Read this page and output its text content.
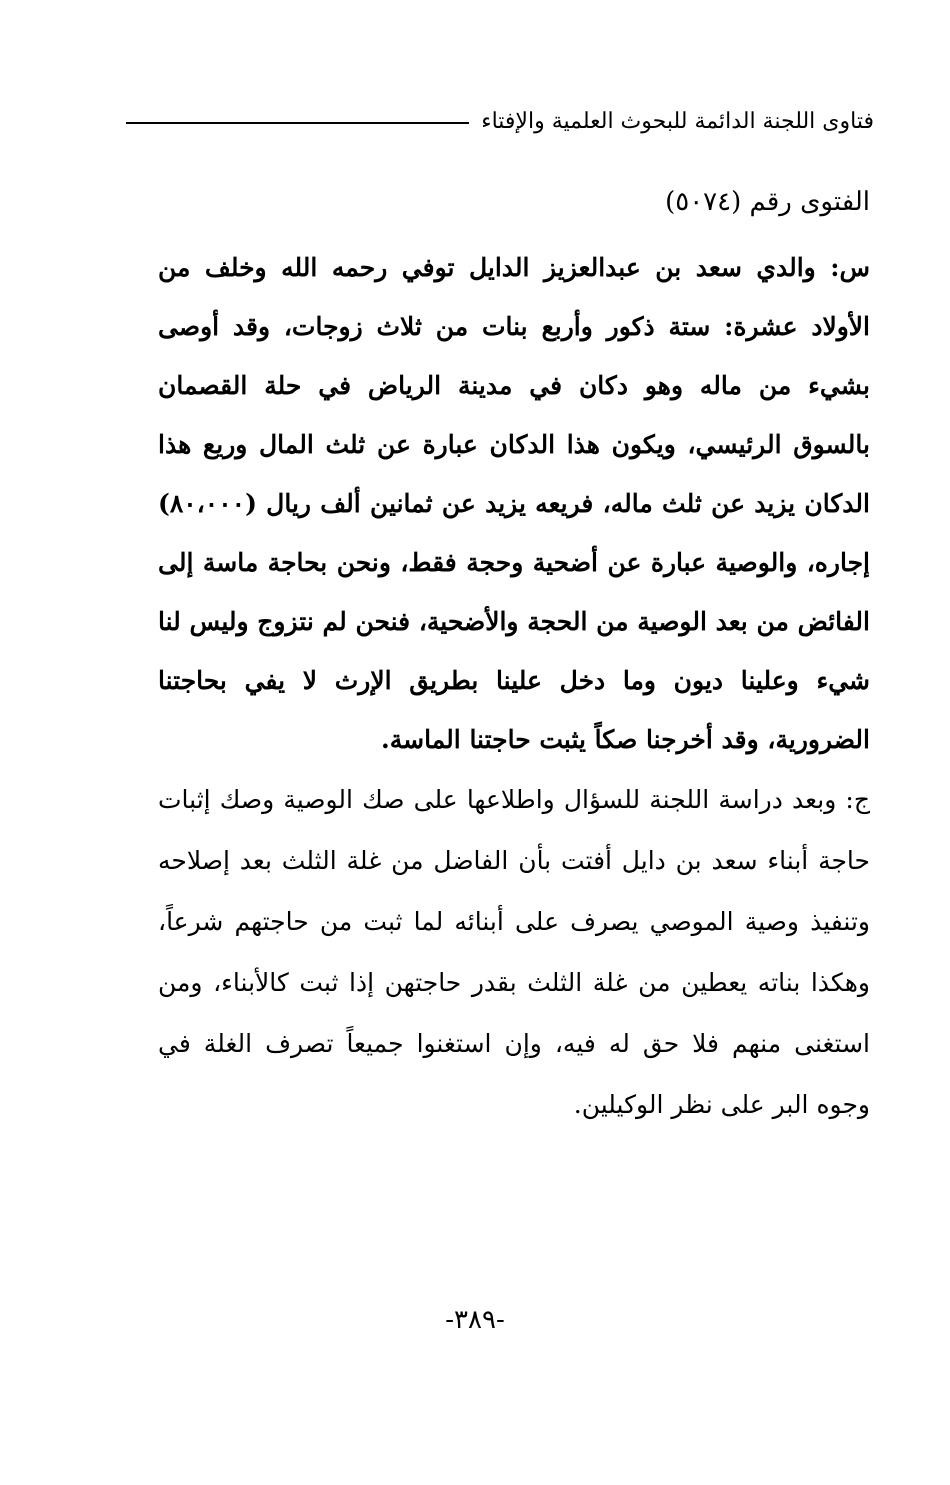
فتاوى اللجنة الدائمة للبحوث العلمية والإفتاء

الفتوى رقم (٥٠٧٤)

س: والدي سعد بن عبدالعزيز الدايل توفي رحمه الله وخلف من الأولاد عشرة: ستة ذكور وأربع بنات من ثلاث زوجات، وقد أوصى بشيء من ماله وهو دكان في مدينة الرياض في حلة القصمان بالسوق الرئيسي، ويكون هذا الدكان عبارة عن ثلث المال وريع هذا الدكان يزيد عن ثلث ماله، فريعه يزيد عن ثمانين ألف ريال (٨٠،٠٠٠) إجاره، والوصية عبارة عن أضحية وحجة فقط، ونحن بحاجة ماسة إلى الفائض من بعد الوصية من الحجة والأضحية، فنحن لم نتزوج وليس لنا شيء وعلينا ديون وما دخل علينا بطريق الإرث لا يفي بحاجتنا الضرورية، وقد أخرجنا صكاً يثبت حاجتنا الماسة.

ج: وبعد دراسة اللجنة للسؤال واطلاعها على صك الوصية وصك إثبات حاجة أبناء سعد بن دايل أفتت بأن الفاضل من غلة الثلث بعد إصلاحه وتنفيذ وصية الموصي يصرف على أبنائه لما ثبت من حاجتهم شرعاً، وهكذا بناته يعطين من غلة الثلث بقدر حاجتهن إذا ثبت كالأبناء، ومن استغنى منهم فلا حق له فيه، وإن استغنوا جميعاً تصرف الغلة في وجوه البر على نظر الوكيلين.

-٣٨٩-
